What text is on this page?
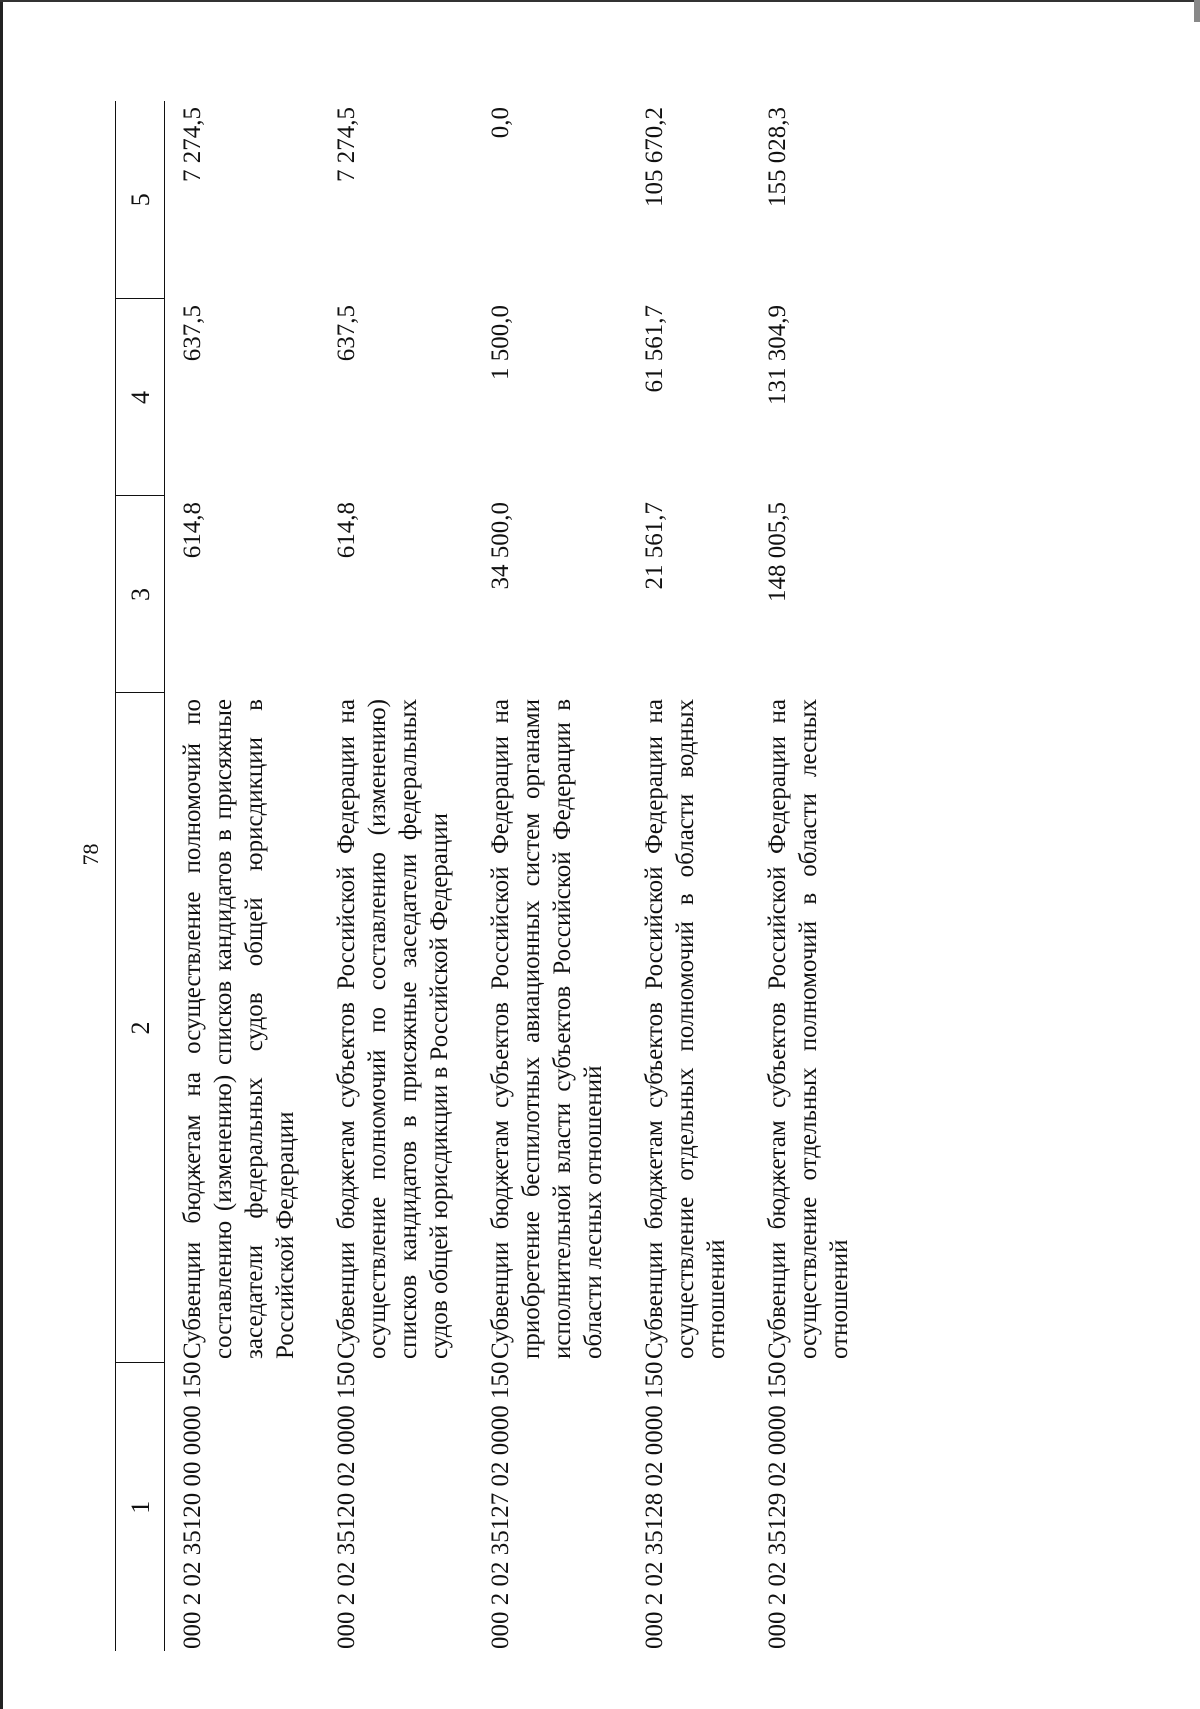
78
1	2	3	4	5
000 2 02 35120 00 0000 150	Субвенции бюджетам на осуществление полномочий по составлению (изменению) списков кандидатов в присяжные заседатели федеральных судов общей юрисдикции в Российской Федерации	614,8	637,5	7 274,5
000 2 02 35120 02 0000 150	Субвенции бюджетам субъектов Российской Федерации на осуществление полномочий по составлению (изменению) списков кандидатов в присяжные заседатели федеральных судов общей юрисдикции в Российской Федерации	614,8	637,5	7 274,5
000 2 02 35127 02 0000 150	Субвенции бюджетам субъектов Российской Федерации на приобретение беспилотных авиационных систем органами исполнительной власти субъектов Российской Федерации в области лесных отношений	34 500,0	1 500,0	0,0
000 2 02 35128 02 0000 150	Субвенции бюджетам субъектов Российской Федерации на осуществление отдельных полномочий в области водных отношений	21 561,7	61 561,7	105 670,2
000 2 02 35129 02 0000 150	Субвенции бюджетам субъектов Российской Федерации на осуществление отдельных полномочий в области лесных отношений	148 005,5	131 304,9	155 028,3
